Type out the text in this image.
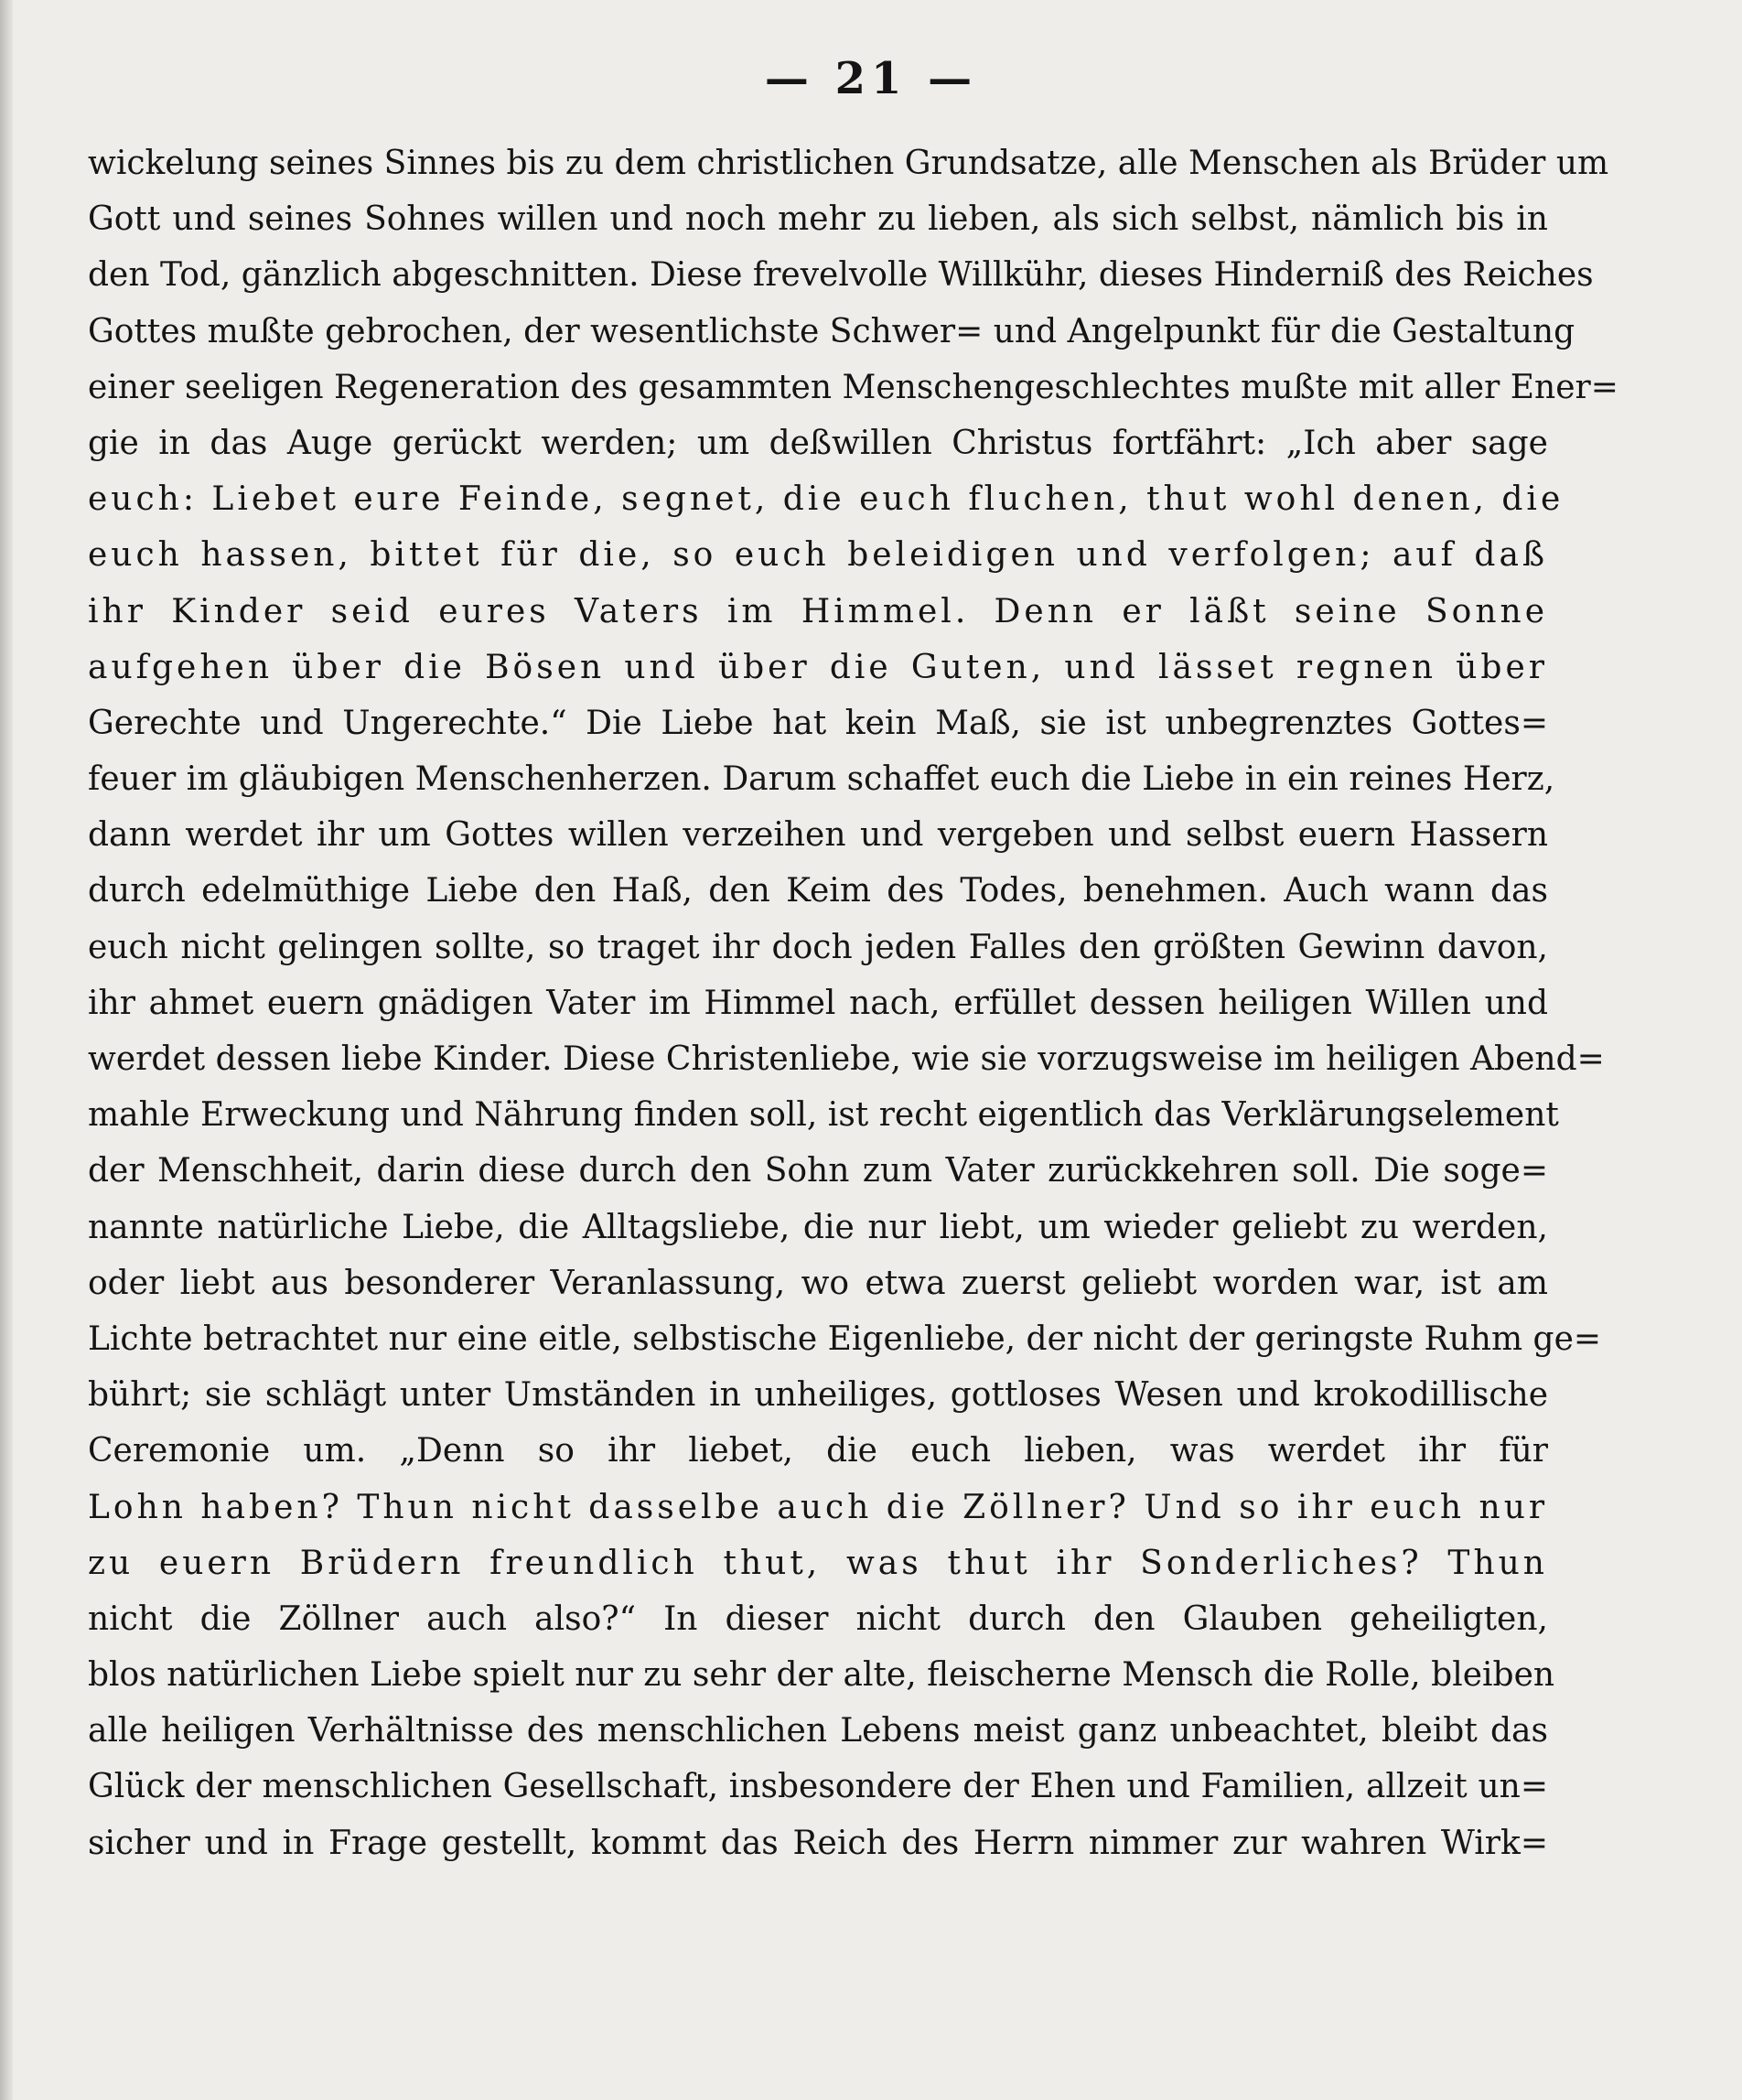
— 21 —
wickelung seines Sinnes bis zu dem christlichen Grundsatze, alle Menschen als Brüder um
Gott und seines Sohnes willen und noch mehr zu lieben, als sich selbst, nämlich bis in
den Tod, gänzlich abgeschnitten. Diese frevelvolle Willkühr, dieses Hinderniß des Reiches
Gottes mußte gebrochen, der wesentlichste Schwer= und Angelpunkt für die Gestaltung
einer seeligen Regeneration des gesammten Menschengeschlechtes mußte mit aller Ener=
gie in das Auge gerückt werden; um deßwillen Christus fortfährt: „Ich aber sage
euch: Liebet eure Feinde, segnet, die euch fluchen, thut wohl denen, die
euch hassen, bittet für die, so euch beleidigen und verfolgen; auf daß
ihr Kinder seid eures Vaters im Himmel. Denn er läßt seine Sonne
aufgehen über die Bösen und über die Guten, und lässet regnen über
Gerechte und Ungerechte.“ Die Liebe hat kein Maß, sie ist unbegrenztes Gottes=
feuer im gläubigen Menschenherzen. Darum schaffet euch die Liebe in ein reines Herz,
dann werdet ihr um Gottes willen verzeihen und vergeben und selbst euern Hassern
durch edelmüthige Liebe den Haß, den Keim des Todes, benehmen. Auch wann das
euch nicht gelingen sollte, so traget ihr doch jeden Falles den größten Gewinn davon,
ihr ahmet euern gnädigen Vater im Himmel nach, erfüllet dessen heiligen Willen und
werdet dessen liebe Kinder. Diese Christenliebe, wie sie vorzugsweise im heiligen Abend=
mahle Erweckung und Nährung finden soll, ist recht eigentlich das Verklärungselement
der Menschheit, darin diese durch den Sohn zum Vater zurückkehren soll. Die soge=
nannte natürliche Liebe, die Alltagsliebe, die nur liebt, um wieder geliebt zu werden,
oder liebt aus besonderer Veranlassung, wo etwa zuerst geliebt worden war, ist am
Lichte betrachtet nur eine eitle, selbstische Eigenliebe, der nicht der geringste Ruhm ge=
bührt; sie schlägt unter Umständen in unheiliges, gottloses Wesen und krokodillische
Ceremonie um. „Denn so ihr liebet, die euch lieben, was werdet ihr für
Lohn haben? Thun nicht dasselbe auch die Zöllner? Und so ihr euch nur
zu euern Brüdern freundlich thut, was thut ihr Sonderliches? Thun
nicht die Zöllner auch also?“ In dieser nicht durch den Glauben geheiligten,
blos natürlichen Liebe spielt nur zu sehr der alte, fleischerne Mensch die Rolle, bleiben
alle heiligen Verhältnisse des menschlichen Lebens meist ganz unbeachtet, bleibt das
Glück der menschlichen Gesellschaft, insbesondere der Ehen und Familien, allzeit un=
sicher und in Frage gestellt, kommt das Reich des Herrn nimmer zur wahren Wirk=
